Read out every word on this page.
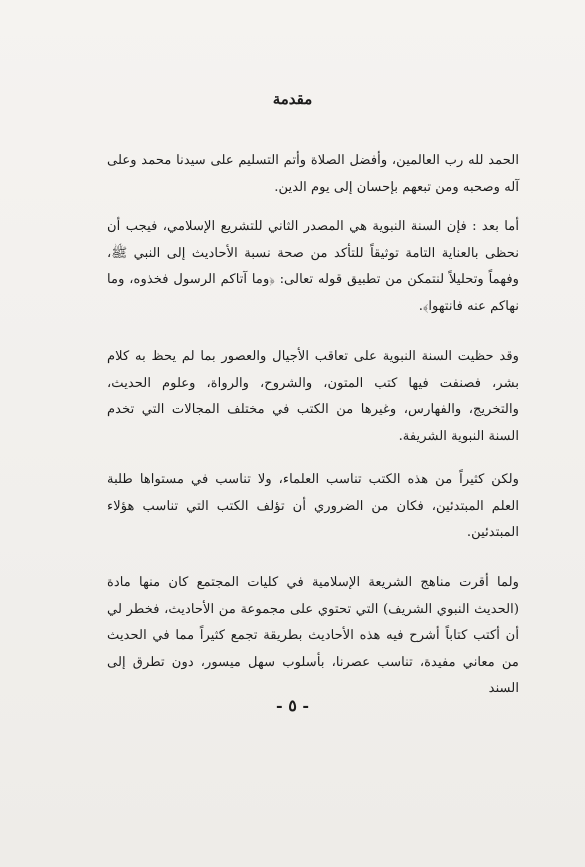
مقدمة
الحمد لله رب العالمين، وأفضل الصلاة وأتم التسليم على سيدنا محمد وعلى آله وصحبه ومن تبعهم بإحسان إلى يوم الدين.
أما بعد : فإن السنة النبوية هي المصدر الثاني للتشريع الإسلامي، فيجب أن نحظى بالعناية التامة توثيقاً للتأكد من صحة نسبة الأحاديث إلى النبي ﷺ، وفهماً وتحليلاً لنتمكن من تطبيق قوله تعالى: ﴿وما آتاكم الرسول فخذوه، وما نهاكم عنه فانتهوا﴾.
وقد حظيت السنة النبوية على تعاقب الأجيال والعصور بما لم يحظ به كلام بشر، فصنفت فيها كتب المتون، والشروح، والرواة، وعلوم الحديث، والتخريج، والفهارس، وغيرها من الكتب في مختلف المجالات التي تخدم السنة النبوية الشريفة.
ولكن كثيراً من هذه الكتب تناسب العلماء، ولا تناسب في مستواها طلبة العلم المبتدئين، فكان من الضروري أن تؤلف الكتب التي تناسب هؤلاء المبتدئين.
ولما أقرت مناهج الشريعة الإسلامية في كليات المجتمع كان منها مادة (الحديث النبوي الشريف) التي تحتوي على مجموعة من الأحاديث، فخطر لي أن أكتب كتاباً أشرح فيه هذه الأحاديث بطريقة تجمع كثيراً مما في الحديث من معاني مفيدة، تناسب عصرنا، بأسلوب سهل ميسور، دون تطرق إلى السند
- ٥ -
